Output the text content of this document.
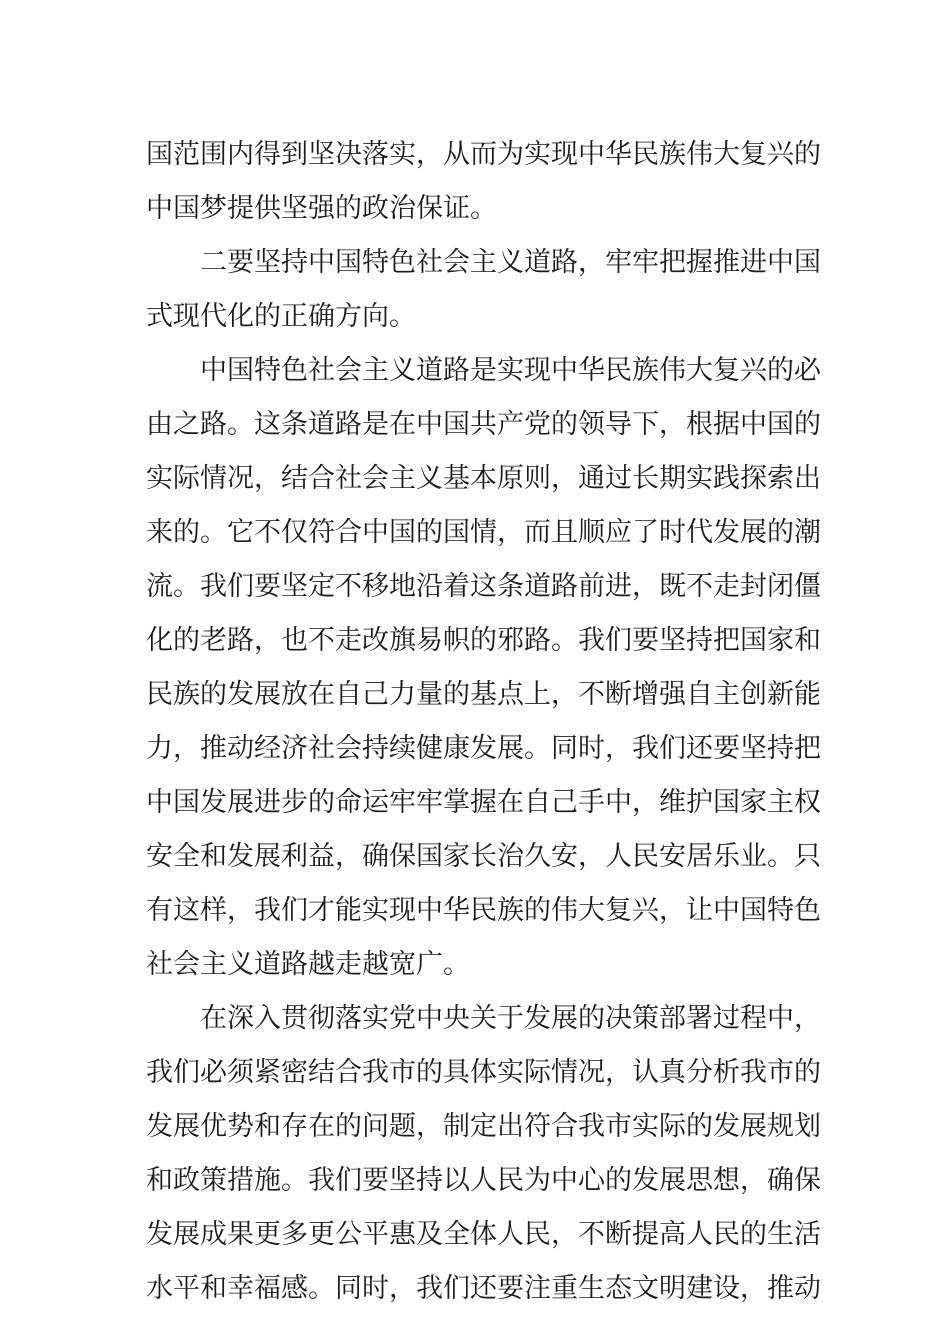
国范围内得到坚决落实，从而为实现中华民族伟大复兴的
中国梦提供坚强的政治保证。
二要坚持中国特色社会主义道路，牢牢把握推进中国
式现代化的正确方向。
中国特色社会主义道路是实现中华民族伟大复兴的必
由之路。这条道路是在中国共产党的领导下，根据中国的
实际情况，结合社会主义基本原则，通过长期实践探索出
来的。它不仅符合中国的国情，而且顺应了时代发展的潮
流。我们要坚定不移地沿着这条道路前进，既不走封闭僵
化的老路，也不走改旗易帜的邪路。我们要坚持把国家和
民族的发展放在自己力量的基点上，不断增强自主创新能
力，推动经济社会持续健康发展。同时，我们还要坚持把
中国发展进步的命运牢牢掌握在自己手中，维护国家主权
安全和发展利益，确保国家长治久安，人民安居乐业。只
有这样，我们才能实现中华民族的伟大复兴，让中国特色
社会主义道路越走越宽广。
在深入贯彻落实党中央关于发展的决策部署过程中，
我们必须紧密结合我市的具体实际情况，认真分析我市的
发展优势和存在的问题，制定出符合我市实际的发展规划
和政策措施。我们要坚持以人民为中心的发展思想，确保
发展成果更多更公平惠及全体人民，不断提高人民的生活
水平和幸福感。同时，我们还要注重生态文明建设，推动
